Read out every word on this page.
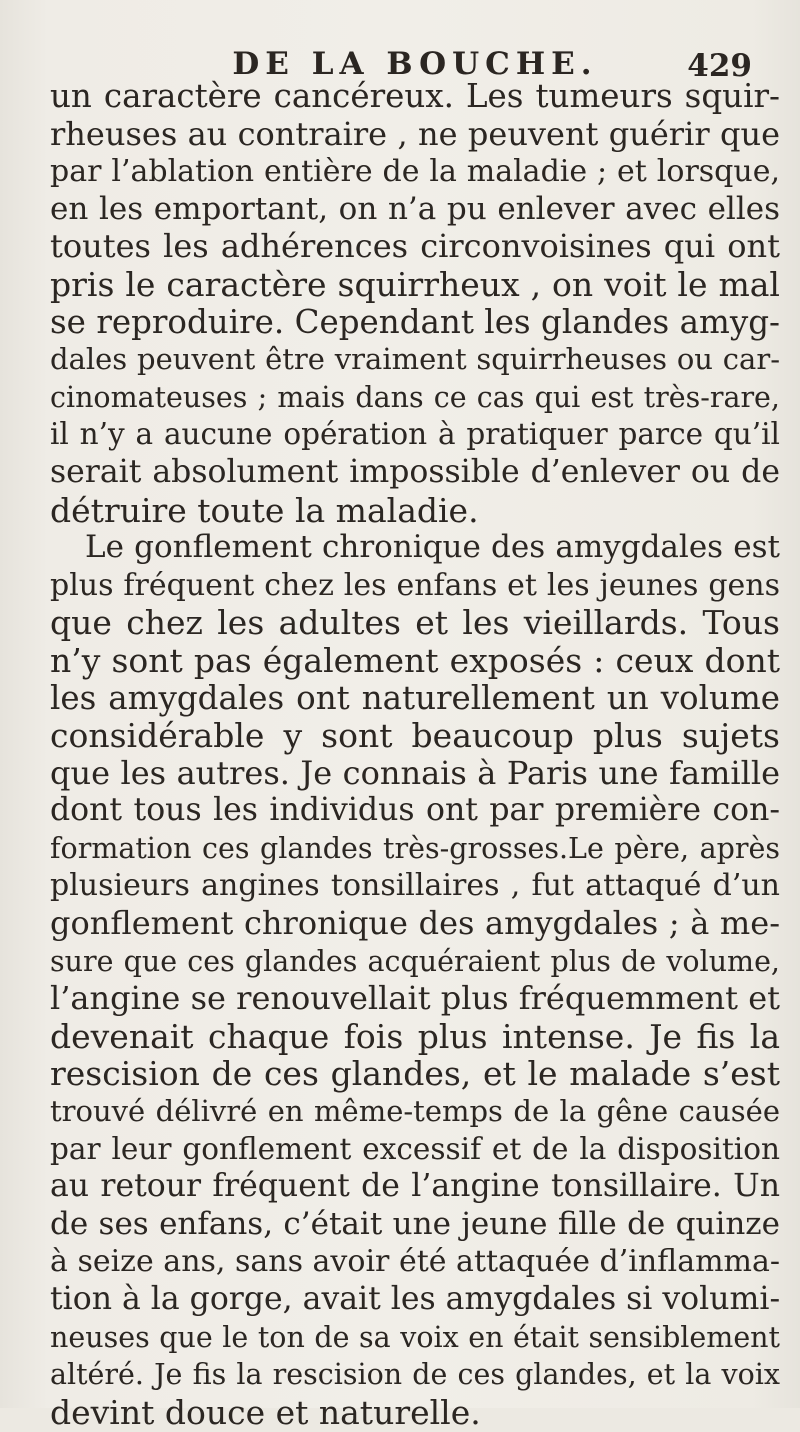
DE LA BOUCHE.	429
un caractère cancéreux. Les tumeurs squir-
rheuses au contraire , ne peuvent guérir que
par l’ablation entière de la maladie ; et lorsque,
en les emportant, on n’a pu enlever avec elles
toutes les adhérences circonvoisines qui ont
pris le caractère squirrheux , on voit le mal
se reproduire. Cependant les glandes amyg-
dales peuvent être vraiment squirrheuses ou car-
cinomateuses ; mais dans ce cas qui est très-rare,
il n’y a aucune opération à pratiquer parce qu’il
serait absolument impossible d’enlever ou de
détruire toute la maladie.
Le gonflement chronique des amygdales est
plus fréquent chez les enfans et les jeunes gens
que chez les adultes et les vieillards. Tous
n’y sont pas également exposés : ceux dont
les amygdales ont naturellement un volume
considérable y sont beaucoup plus sujets
que les autres. Je connais à Paris une famille
dont tous les individus ont par première con-
formation ces glandes très-grosses.Le père, après
plusieurs angines tonsillaires , fut attaqué d’un
gonflement chronique des amygdales ; à me-
sure que ces glandes acquéraient plus de volume,
l’angine se renouvellait plus fréquemment et
devenait chaque fois plus intense. Je fis la
rescision de ces glandes, et le malade s’est
trouvé délivré en même-temps de la gêne causée
par leur gonflement excessif et de la disposition
au retour fréquent de l’angine tonsillaire. Un
de ses enfans, c’était une jeune fille de quinze
à seize ans, sans avoir été attaquée d’inflamma-
tion à la gorge, avait les amygdales si volumi-
neuses que le ton de sa voix en était sensiblement
altéré. Je fis la rescision de ces glandes, et la voix
devint douce et naturelle.
